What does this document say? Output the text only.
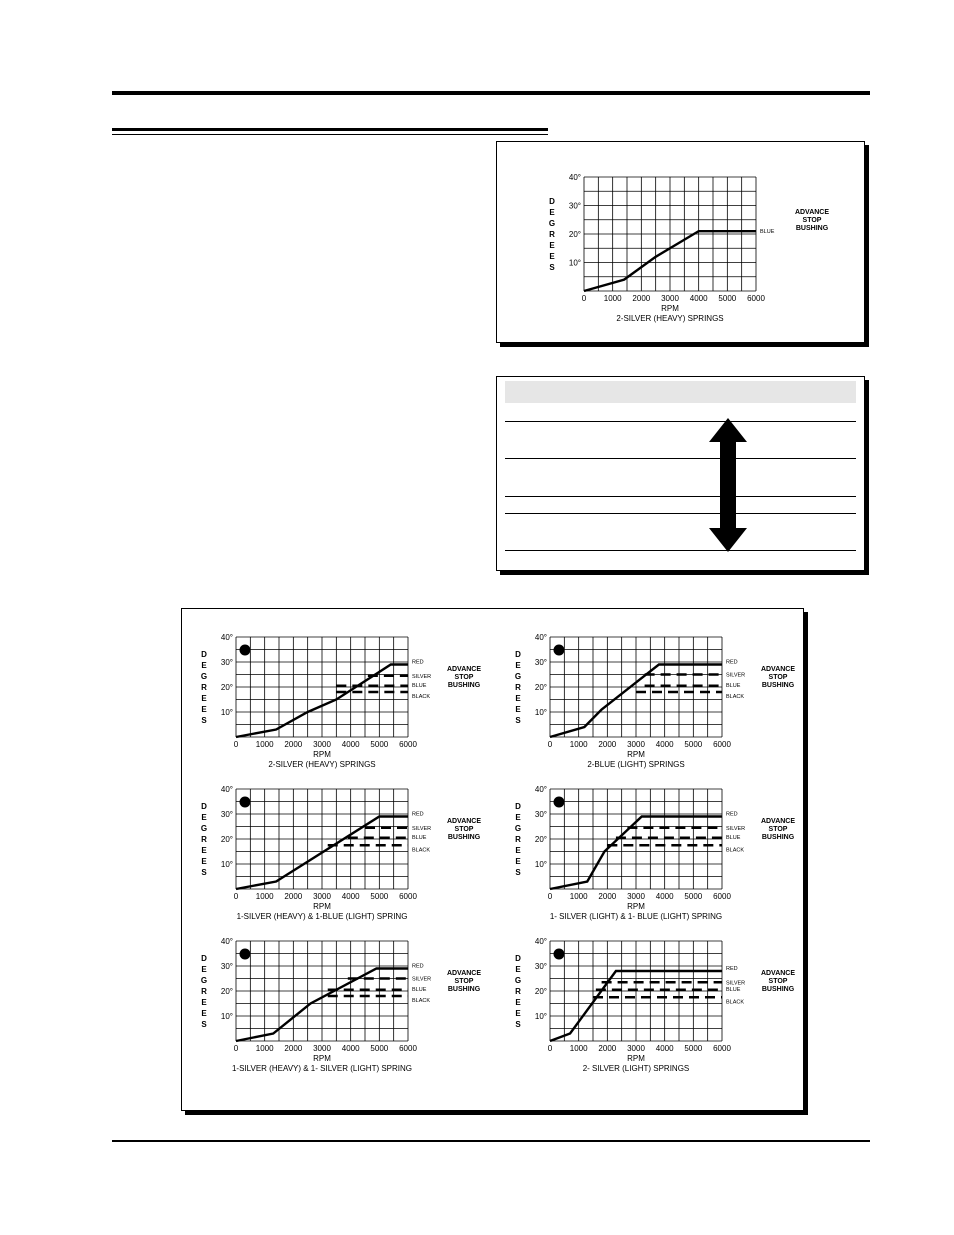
10°
20°
30°
40°
0 1000 2000 3000 4000 5000 6000
RPM
2-SILVER (HEAVY) SPRINGS
D
E
G
R
E
E
S
BLUE
ADVANCE
STOP
BUSHING
10°
20°
30°
40°
0 1000 2000 3000 4000 5000 6000
RPM
2-SILVER (HEAVY) SPRINGS
D
E
G
R
E
E
S
A
RED
SILVER
BLUE
BLACK
ADVANCE
STOP
BUSHING
10°
20°
30°
40°
0 1000 2000 3000 4000 5000 6000
RPM
2-BLUE (LIGHT) SPRINGS
D
E
G
R
E
E
S
D
RED
SILVER
BLUE
BLACK
ADVANCE
STOP
BUSHING
10°
20°
30°
40°
0 1000 2000 3000 4000 5000 6000
RPM
1-SILVER (HEAVY) & 1-BLUE (LIGHT) SPRING
D
E
G
R
E
E
S
B
RED
SILVER
BLUE
BLACK
ADVANCE
STOP
BUSHING
10°
20°
30°
40°
0 1000 2000 3000 4000 5000 6000
RPM
1- SILVER (LIGHT) & 1- BLUE (LIGHT) SPRING
D
E
G
R
E
E
S
E
RED
SILVER
BLUE
BLACK
ADVANCE
STOP
BUSHING
10°
20°
30°
40°
0 1000 2000 3000 4000 5000 6000
RPM
1-SILVER (HEAVY) & 1- SILVER (LIGHT) SPRING
D
E
G
R
E
E
S
C
RED
SILVER
BLUE
BLACK
ADVANCE
STOP
BUSHING
10°
20°
30°
40°
0 1000 2000 3000 4000 5000 6000
RPM
2- SILVER (LIGHT) SPRINGS
D
E
G
R
E
E
S
F
RED
SILVER
BLUE
BLACK
ADVANCE
STOP
BUSHING
